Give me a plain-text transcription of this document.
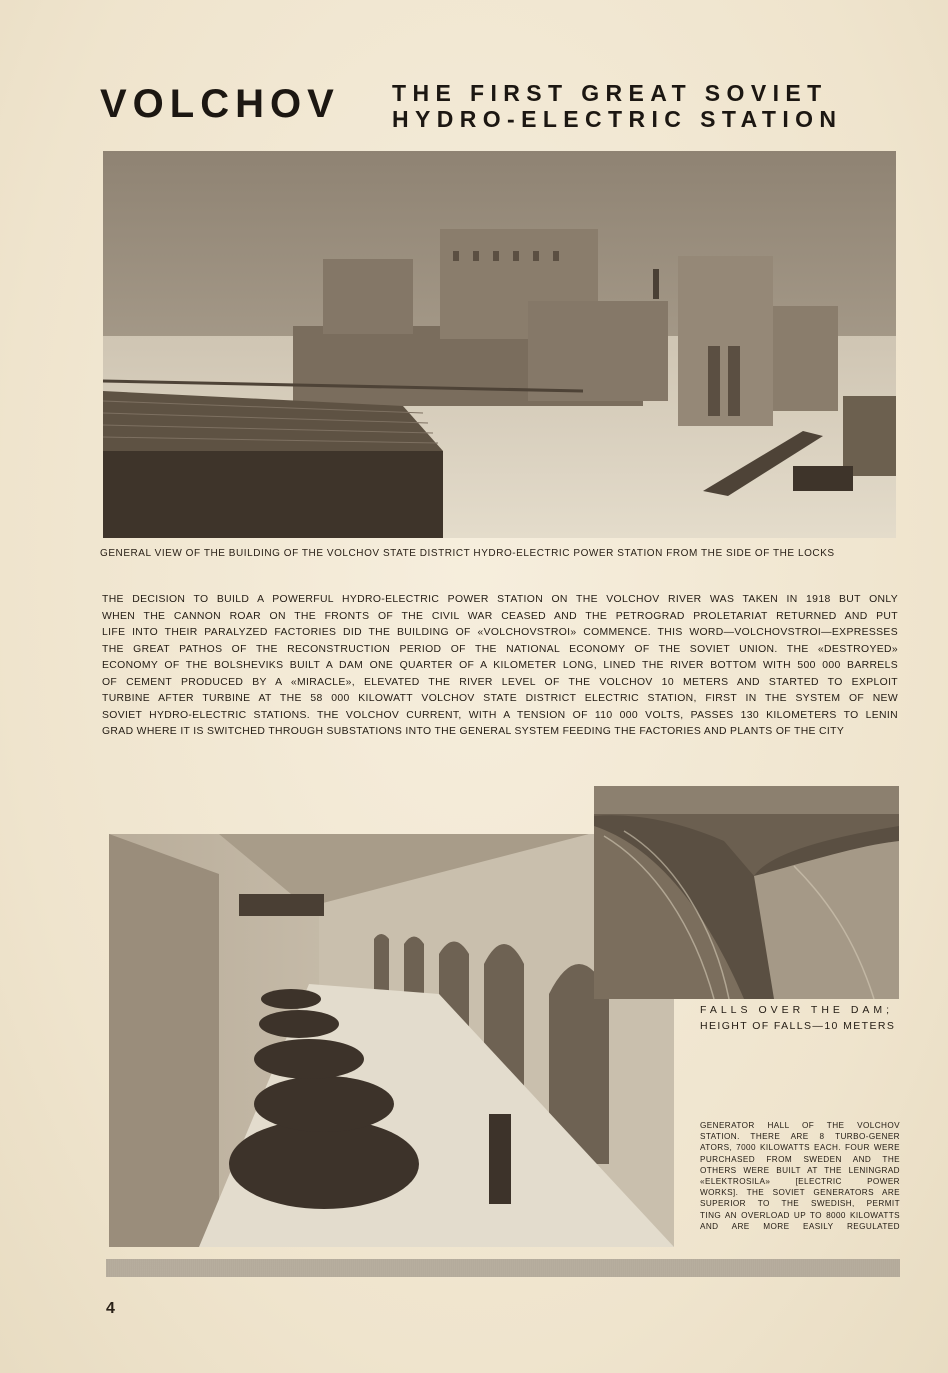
VOLCHOV THE FIRST GREAT SOVIET
HYDRO-ELECTRIC STATION
GENERAL VIEW OF THE BUILDING OF THE VOLCHOV STATE DISTRICT HYDRO-ELECTRIC POWER STATION FROM THE SIDE OF THE LOCKS
THE DECISION TO BUILD A POWERFUL HYDRO-ELECTRIC POWER STATION ON THE VOLCHOV RIVER WAS TAKEN IN 1918 BUT ONLY
WHEN THE CANNON ROAR ON THE FRONTS OF THE CIVIL WAR CEASED AND THE PETROGRAD PROLETARIAT RETURNED AND PUT
LIFE INTO THEIR PARALYZED FACTORIES DID THE BUILDING OF «VOLCHOVSTROI» COMMENCE. THIS WORD—VOLCHOVSTROI—EXPRESSES
THE GREAT PATHOS OF THE RECONSTRUCTION PERIOD OF THE NATIONAL ECONOMY OF THE SOVIET UNION. THE «DESTROYED»
ECONOMY OF THE BOLSHEVIKS BUILT A DAM ONE QUARTER OF A KILOMETER LONG, LINED THE RIVER BOTTOM WITH 500 000 BARRELS
OF CEMENT PRODUCED BY A «MIRACLE», ELEVATED THE RIVER LEVEL OF THE VOLCHOV 10 METERS AND STARTED TO EXPLOIT
TURBINE AFTER TURBINE AT THE 58 000 KILOWATT VOLCHOV STATE DISTRICT ELECTRIC STATION, FIRST IN THE SYSTEM OF NEW
SOVIET HYDRO-ELECTRIC STATIONS. THE VOLCHOV CURRENT, WITH A TENSION OF 110 000 VOLTS, PASSES 130 KILOMETERS TO LENIN
GRAD WHERE IT IS SWITCHED THROUGH SUBSTATIONS INTO THE GENERAL SYSTEM FEEDING THE FACTORIES AND PLANTS OF THE CITY
FALLS OVER THE DAM;
HEIGHT OF FALLS—10 METERS
GENERATOR HALL OF THE VOLCHOV
STATION. THERE ARE 8 TURBO-GENER
ATORS, 7000 KILOWATTS EACH. FOUR WERE
PURCHASED FROM SWEDEN AND THE
OTHERS WERE BUILT AT THE LENINGRAD
«ELEKTROSILA» [ELECTRIC POWER
WORKS]. THE SOVIET GENERATORS ARE
SUPERIOR TO THE SWEDISH, PERMIT
TING AN OVERLOAD UP TO 8000 KILOWATTS
AND ARE MORE EASILY REGULATED
4
